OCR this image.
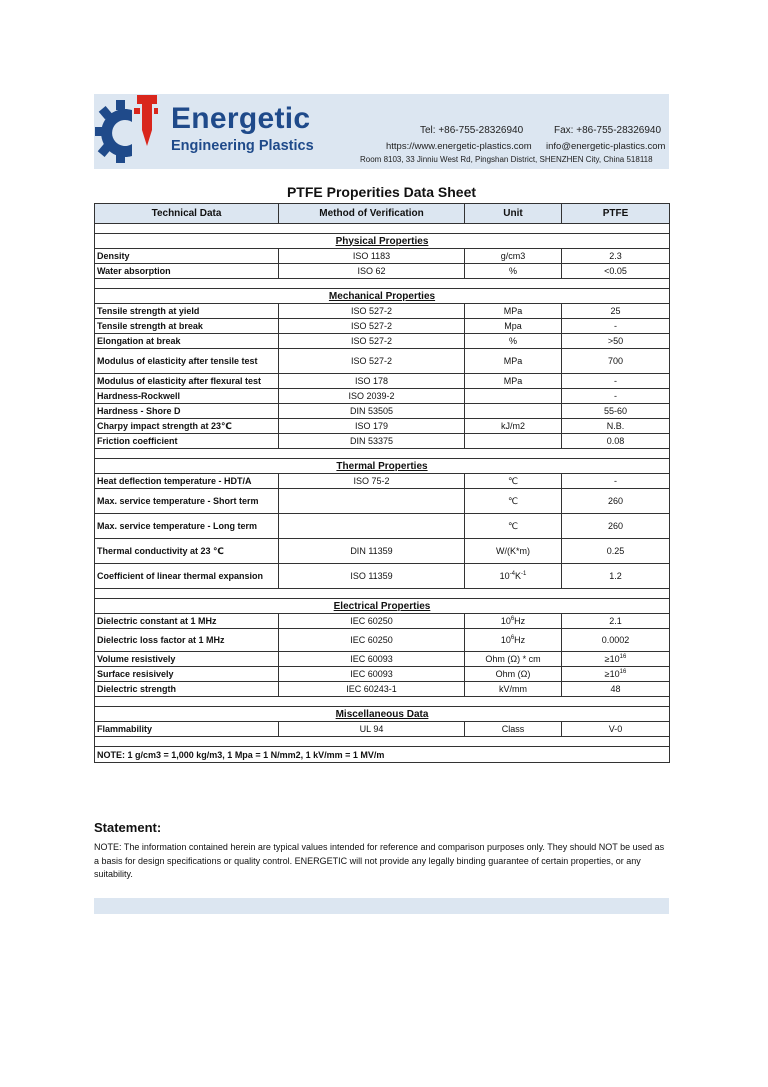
Energetic
Engineering Plastics
Tel: +86-755-28326940	Fax: +86-755-28326940
https://www.energetic-plastics.com info@energetic-plastics.com
Room 8103, 33 Jinniu West Rd, Pingshan District, SHENZHEN City, China 518118
PTFE Properities Data Sheet
Technical Data	Method of Verification	Unit	PTFE

Physical Properties			
Density	ISO 1183	g/cm3	2.3
Water absorption	ISO 62	%	<0.05

Mechanical Properties			
Tensile strength at yield	ISO 527-2	MPa	25
Tensile strength at break	ISO 527-2	Mpa	-
Elongation at break	ISO 527-2	%	>50
Modulus of elasticity after tensile test	ISO 527-2	MPa	700
Modulus of elasticity after flexural test	ISO 178	MPa	-
Hardness-Rockwell	ISO 2039-2		-
Hardness - Shore D	DIN 53505		55-60
Charpy impact strength at 23℃	ISO 179	kJ/m2	N.B.
Friction coefficient	DIN 53375		0.08

Thermal Properties			
Heat deflection temperature - HDT/A	ISO 75-2	℃	-
Max. service temperature - Short term		℃	260
Max. service temperature - Long term		℃	260
Thermal conductivity at 23 ℃	DIN 11359	W/(K*m)	0.25
Coefficient of linear thermal expansion	ISO 11359	$10^{-4}K^{-1}$	1.2

Electrical Properties			
Dielectric constant at 1 MHz	IEC 60250	$10^6Hz$	2.1
Dielectric loss factor at 1 MHz	IEC 60250	$10^6Hz$	0.0002
Volume resistively	IEC 60093	Ohm (Ω) * cm	$\ge 10^{16}$
Surface resisively	IEC 60093	Ohm (Ω)	$\ge 10^{16}$
Dielectric strength	IEC 60243-1	kV/mm	48

Miscellaneous Data			
Flammability	UL 94	Class	V-0

NOTE: 1 g/cm3 = 1,000 kg/m3, 1 Mpa = 1 N/mm2, 1 kV/mm = 1 MV/m			
Statement:
NOTE: The information contained herein are typical values intended for reference and comparison purposes only. They should NOT be used as a basis for design specifications or quality control. ENERGETIC will not provide any legally binding guarantee of certain properties, or any suitability.
